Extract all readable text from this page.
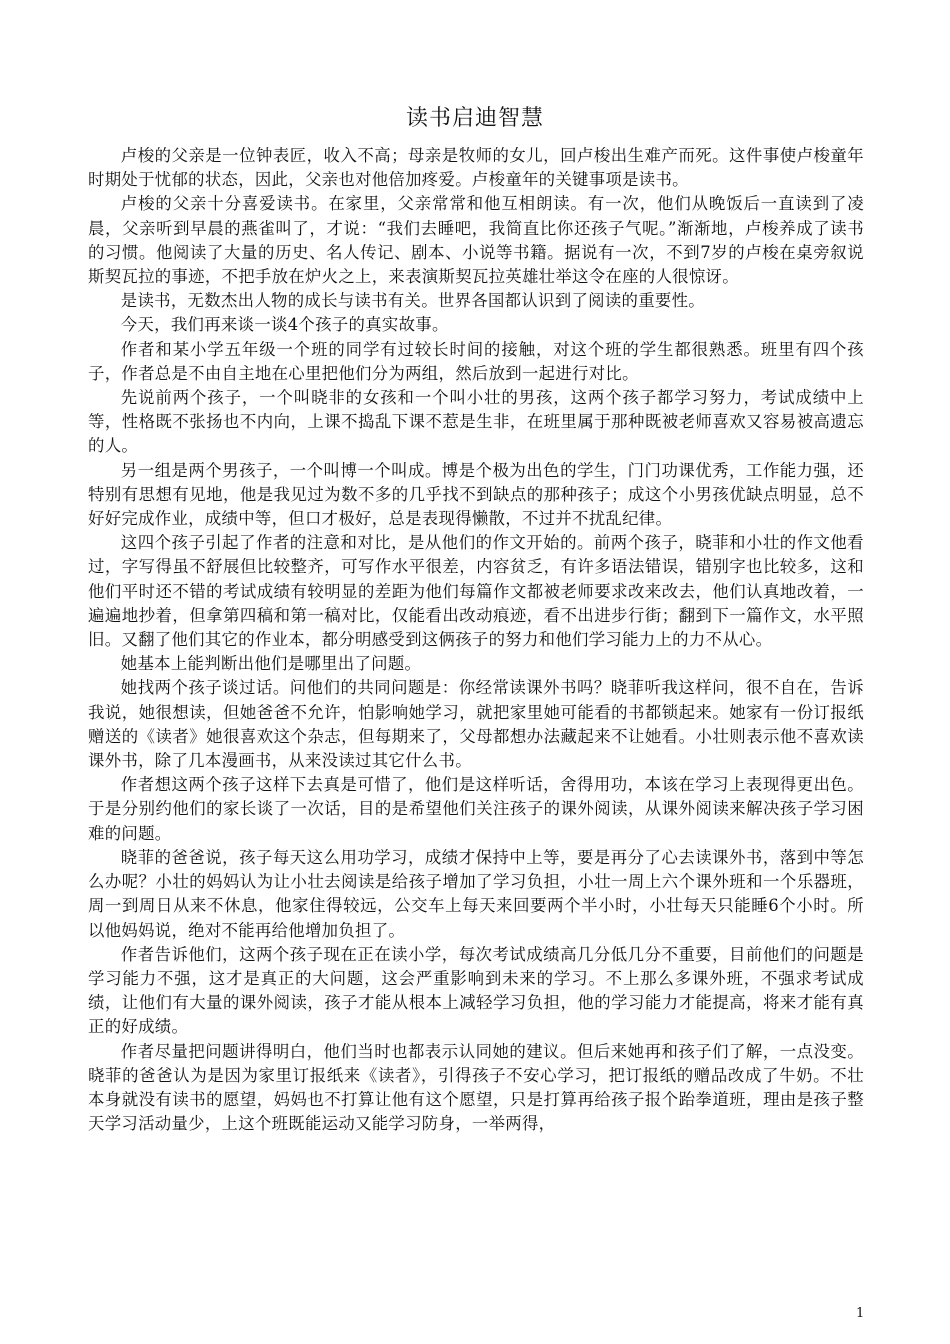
读书启迪智慧

卢梭的父亲是一位钟表匠，收入不高；母亲是牧师的女儿，回卢梭出生难产而死。这件事使卢梭童年时期处于忧郁的状态，因此，父亲也对他倍加疼爱。卢梭童年的关键事项是读书。

卢梭的父亲十分喜爱读书。在家里，父亲常常和他互相朗读。有一次，他们从晚饭后一直读到了凌晨，父亲听到早晨的燕雀叫了，才说：“我们去睡吧，我简直比你还孩子气呢。”渐渐地，卢梭养成了读书的习惯。他阅读了大量的历史、名人传记、剧本、小说等书籍。据说有一次，不到7岁的卢梭在桌旁叙说斯契瓦拉的事迹，不把手放在炉火之上，来表演斯契瓦拉英雄壮举这令在座的人很惊讶。

是读书，无数杰出人物的成长与读书有关。世界各国都认识到了阅读的重要性。

今天，我们再来谈一谈4个孩子的真实故事。

作者和某小学五年级一个班的同学有过较长时间的接触，对这个班的学生都很熟悉。班里有四个孩子，作者总是不由自主地在心里把他们分为两组，然后放到一起进行对比。

先说前两个孩子，一个叫晓非的女孩和一个叫小壮的男孩，这两个孩子都学习努力，考试成绩中上等，性格既不张扬也不内向，上课不捣乱下课不惹是生非，在班里属于那种既被老师喜欢又容易被高遗忘的人。

另一组是两个男孩子，一个叫博一个叫成。博是个极为出色的学生，门门功课优秀，工作能力强，还特别有思想有见地，他是我见过为数不多的几乎找不到缺点的那种孩子；成这个小男孩优缺点明显，总不好好完成作业，成绩中等，但口才极好，总是表现得懒散，不过并不扰乱纪律。

这四个孩子引起了作者的注意和对比，是从他们的作文开始的。前两个孩子，晓菲和小壮的作文他看过，字写得虽不舒展但比较整齐，可写作水平很差，内容贫乏，有许多语法错误，错别字也比较多，这和他们平时还不错的考试成绩有较明显的差距为他们每篇作文都被老师要求改来改去，他们认真地改着，一遍遍地抄着，但拿第四稿和第一稿对比，仅能看出改动痕迹，看不出进步行街；翻到下一篇作文，水平照旧。又翻了他们其它的作业本，都分明感受到这俩孩子的努力和他们学习能力上的力不从心。

她基本上能判断出他们是哪里出了问题。

她找两个孩子谈过话。问他们的共同问题是：你经常读课外书吗？晓菲听我这样问，很不自在，告诉我说，她很想读，但她爸爸不允许，怕影响她学习，就把家里她可能看的书都锁起来。她家有一份订报纸赠送的《读者》她很喜欢这个杂志，但每期来了，父母都想办法藏起来不让她看。小壮则表示他不喜欢读课外书，除了几本漫画书，从来没读过其它什么书。

作者想这两个孩子这样下去真是可惜了，他们是这样听话，舍得用功，本该在学习上表现得更出色。于是分别约他们的家长谈了一次话，目的是希望他们关注孩子的课外阅读，从课外阅读来解决孩子学习困难的问题。

晓菲的爸爸说，孩子每天这么用功学习，成绩才保持中上等，要是再分了心去读课外书，落到中等怎么办呢？小壮的妈妈认为让小壮去阅读是给孩子增加了学习负担，小壮一周上六个课外班和一个乐器班，周一到周日从来不休息，他家住得较远，公交车上每天来回要两个半小时，小壮每天只能睡6个小时。所以他妈妈说，绝对不能再给他增加负担了。

作者告诉他们，这两个孩子现在正在读小学，每次考试成绩高几分低几分不重要，目前他们的问题是学习能力不强，这才是真正的大问题，这会严重影响到未来的学习。不上那么多课外班，不强求考试成绩，让他们有大量的课外阅读，孩子才能从根本上减轻学习负担，他的学习能力才能提高，将来才能有真正的好成绩。

作者尽量把问题讲得明白，他们当时也都表示认同她的建议。但后来她再和孩子们了解，一点没变。晓菲的爸爸认为是因为家里订报纸来《读者》，引得孩子不安心学习，把订报纸的赠品改成了牛奶。不壮本身就没有读书的愿望，妈妈也不打算让他有这个愿望，只是打算再给孩子报个跆拳道班，理由是孩子整天学习活动量少，上这个班既能运动又能学习防身，一举两得，

1
